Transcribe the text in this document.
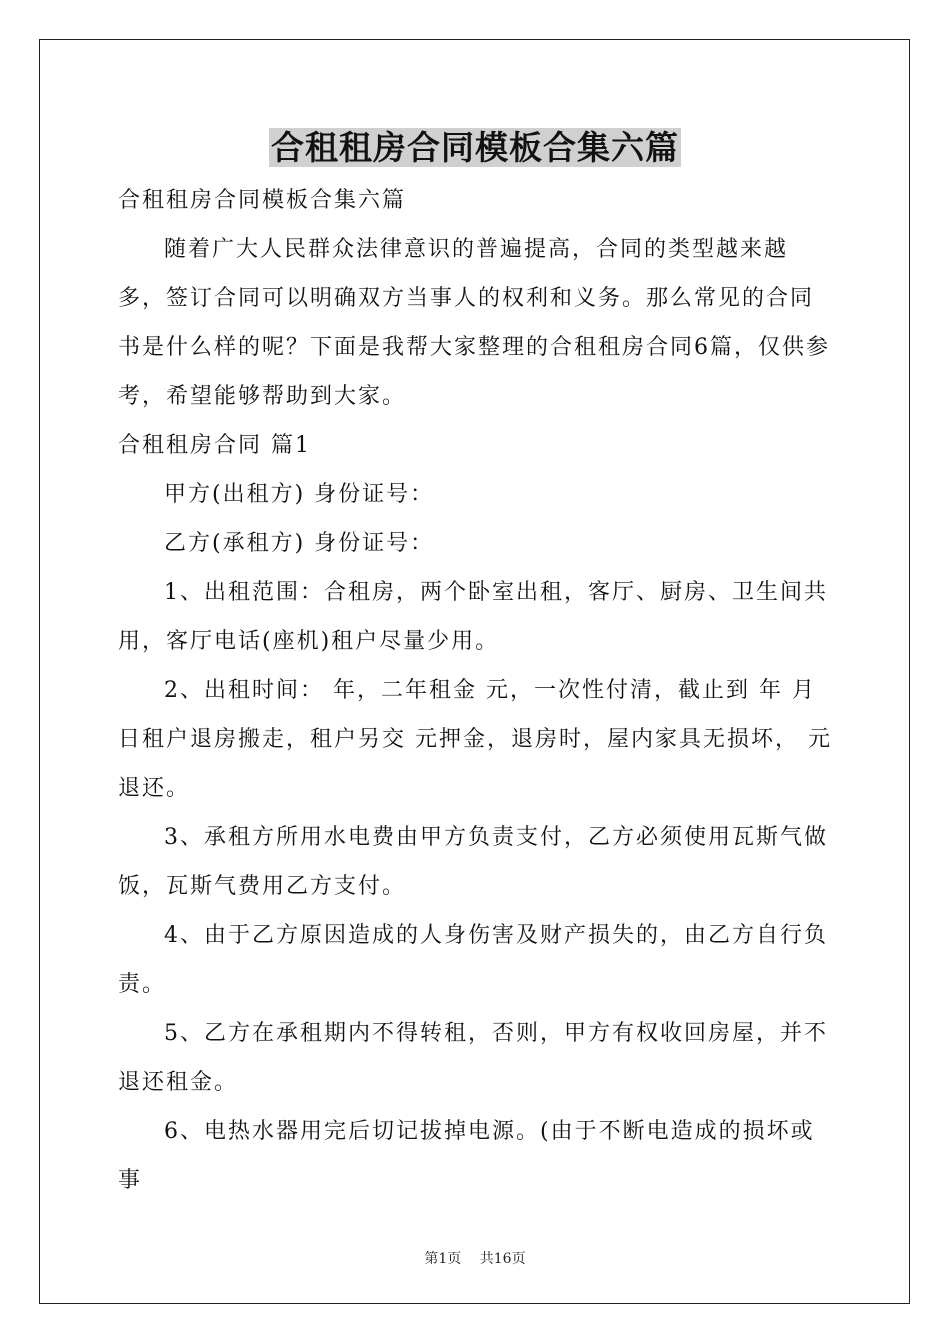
合租租房合同模板合集六篇

合租租房合同模板合集六篇

随着广大人民群众法律意识的普遍提高，合同的类型越来越多，签订合同可以明确双方当事人的权利和义务。那么常见的合同书是什么样的呢？下面是我帮大家整理的合租租房合同6篇，仅供参考，希望能够帮助到大家。

合租租房合同 篇1

甲方(出租方) 身份证号：

乙方(承租方) 身份证号：

1、出租范围：合租房，两个卧室出租，客厅、厨房、卫生间共用，客厅电话(座机)租户尽量少用。

2、出租时间： 年，二年租金 元，一次性付清，截止到 年 月日租户退房搬走，租户另交 元押金，退房时，屋内家具无损坏， 元退还。

3、承租方所用水电费由甲方负责支付，乙方必须使用瓦斯气做饭，瓦斯气费用乙方支付。

4、由于乙方原因造成的人身伤害及财产损失的，由乙方自行负责。

5、乙方在承租期内不得转租，否则，甲方有权收回房屋，并不退还租金。

6、电热水器用完后切记拔掉电源。(由于不断电造成的损坏或事

第1页 共16页
